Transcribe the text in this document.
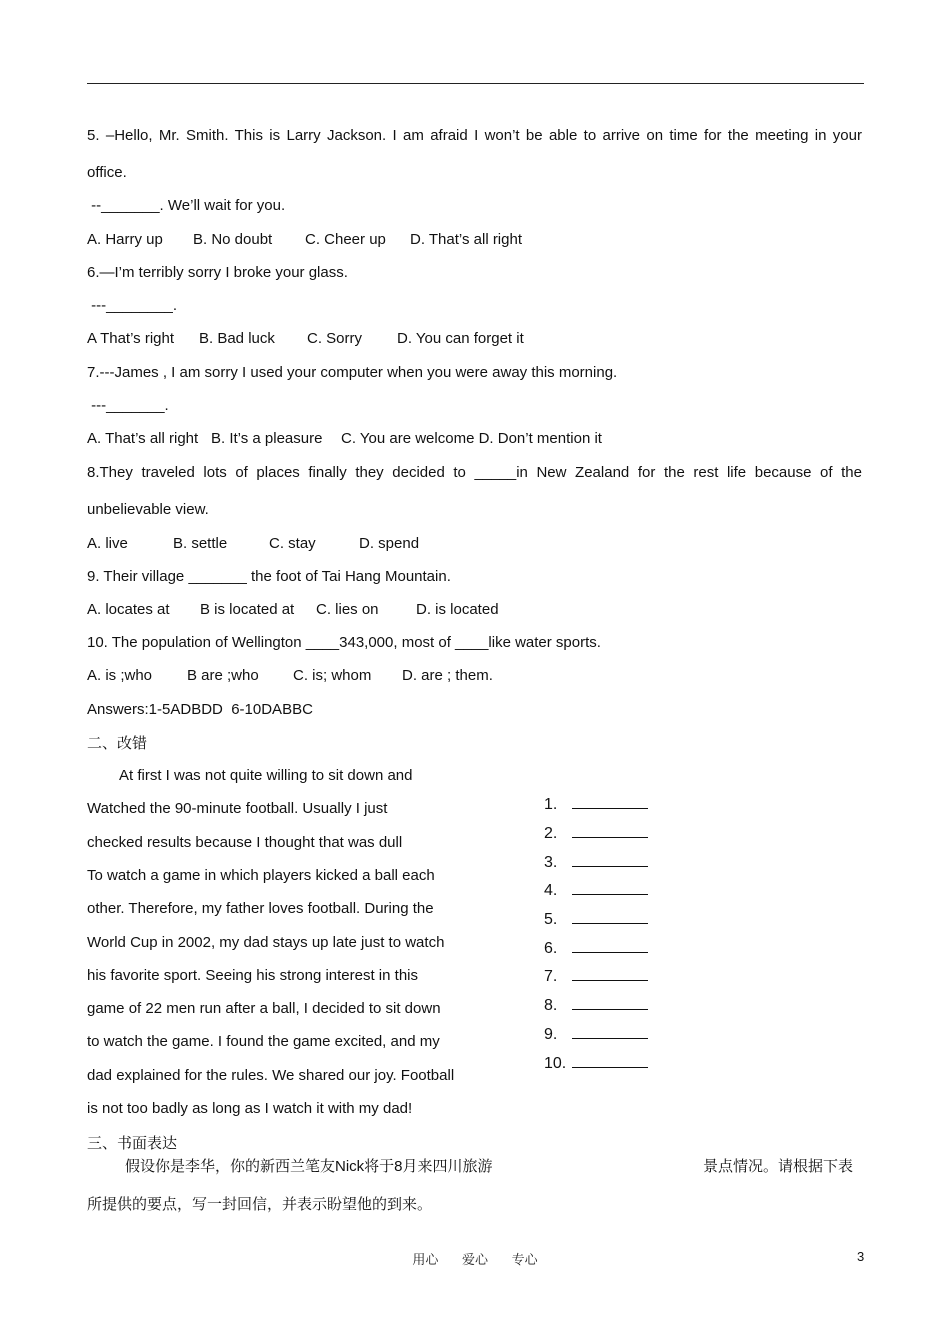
5. –Hello, Mr. Smith. This is Larry Jackson. I am afraid I won’t be able to arrive on time for the meeting in your
office.
--_______. We’ll wait for you.
A. Harry up B. No doubt C. Cheer up D. That’s all right
6.—I’m terribly sorry I broke your glass.
---________.
A That’s right B. Bad luck C. Sorry D. You can forget it
7.---James , I am sorry I used your computer when you were away this morning.
---_______.
A. That’s all right B. It’s a pleasure C. You are welcome D. Don’t mention it
8.They traveled lots of places finally they decided to _____in New Zealand for the rest life because of the
unbelievable view.
A. live	B. settle	C. stay	D. spend
9. Their village _______ the foot of Tai Hang Mountain.
A. locates at B is located at C. lies on D. is located
10. The population of Wellington ____343,000, most of ____like water sports.
A. is ;who B are ;who C. is; whom D. are ; them.
Answers:1-5ADBDD  6-10DABBC
二、改错
At first I was not quite willing to sit down and
Watched the 90-minute football. Usually I just
checked results because I thought that was dull
To watch a game in which players kicked a ball each
other. Therefore, my father loves football. During the
World Cup in 2002, my dad stays up late just to watch
his favorite sport. Seeing his strong interest in this
game of 22 men run after a ball, I decided to sit down
to watch the game. I found the game excited, and my
dad explained for the rules. We shared our joy. Football
is not too badly as long as I watch it with my dad!
1.
2.
3.
4.
5.
6.
7.
8.
9.
10.
三、书面表达
假设你是李华，你的新西兰笔友Nick将于8月来四川旅游	景点情况。请根据下表
所提供的要点，写一封回信，并表示盼望他的到来。
用心 爱心 专心	3
